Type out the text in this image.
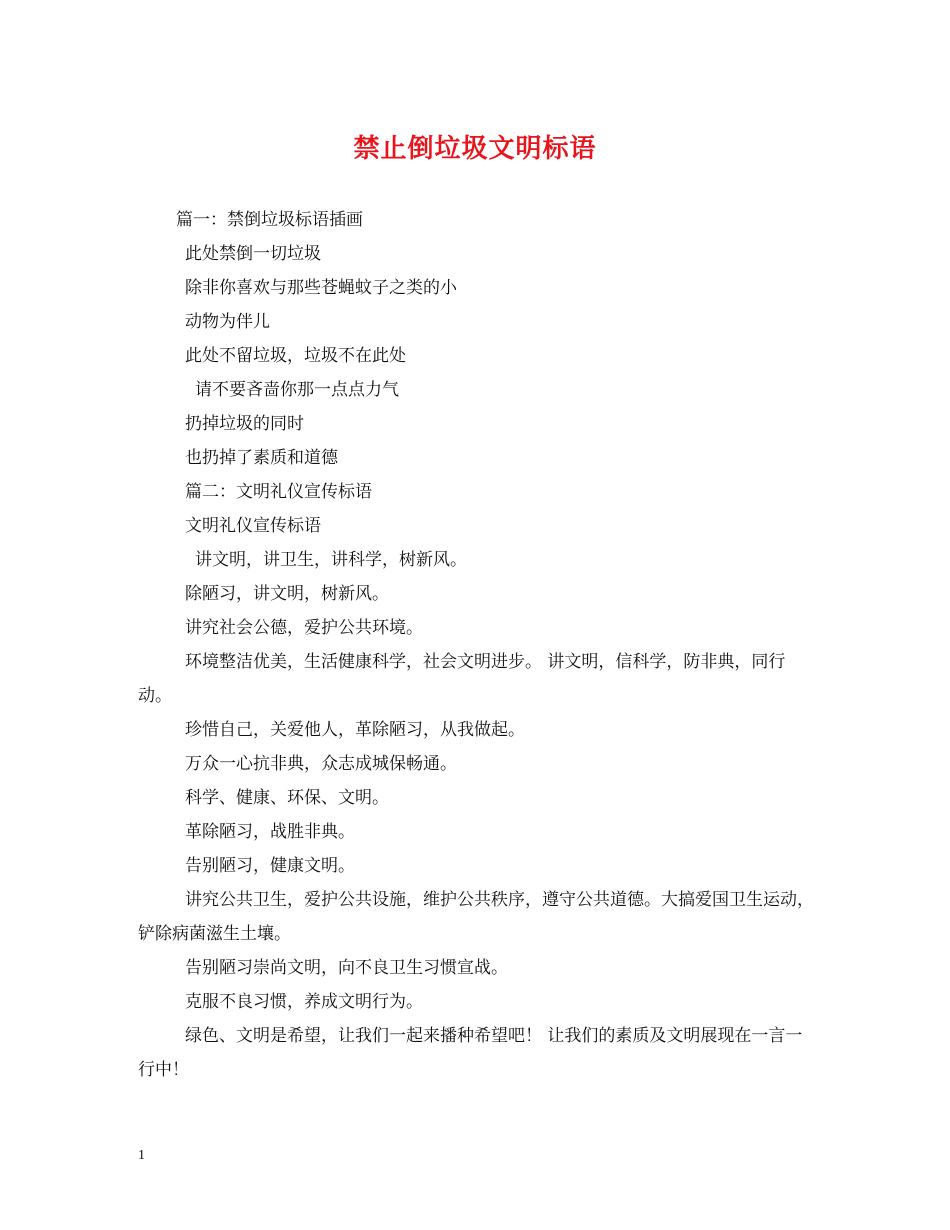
禁止倒垃圾文明标语

篇一：禁倒垃圾标语插画

此处禁倒一切垃圾

除非你喜欢与那些苍蝇蚊子之类的小

动物为伴儿

此处不留垃圾，垃圾不在此处

请不要吝啬你那一点点力气

扔掉垃圾的同时

也扔掉了素质和道德

篇二：文明礼仪宣传标语

文明礼仪宣传标语

讲文明，讲卫生，讲科学，树新风。

除陋习，讲文明，树新风。

讲究社会公德，爱护公共环境。

环境整洁优美，生活健康科学，社会文明进步。 讲文明，信科学，防非典，同行动。

珍惜自己，关爱他人，革除陋习，从我做起。

万众一心抗非典，众志成城保畅通。

科学、健康、环保、文明。

革除陋习，战胜非典。

告别陋习，健康文明。

讲究公共卫生，爱护公共设施，维护公共秩序，遵守公共道德。大搞爱国卫生运动，铲除病菌滋生土壤。

告别陋习崇尚文明，向不良卫生习惯宣战。

克服不良习惯，养成文明行为。

绿色、文明是希望，让我们一起来播种希望吧！ 让我们的素质及文明展现在一言一行中！

1
